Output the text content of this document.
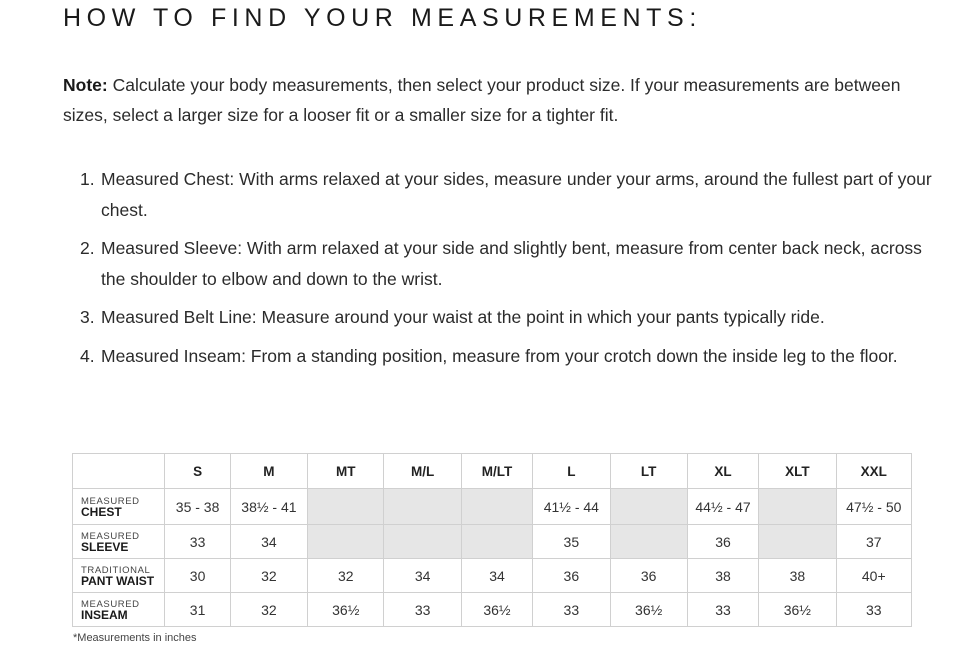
HOW TO FIND YOUR MEASUREMENTS:

Note: Calculate your body measurements, then select your product size. If your measurements are between sizes, select a larger size for a looser fit or a smaller size for a tighter fit.

1. Measured Chest: With arms relaxed at your sides, measure under your arms, around the fullest part of your chest.
2. Measured Sleeve: With arm relaxed at your side and slightly bent, measure from center back neck, across the shoulder to elbow and down to the wrist.
3. Measured Belt Line: Measure around your waist at the point in which your pants typically ride.
4. Measured Inseam: From a standing position, measure from your crotch down the inside leg to the floor.
	S	M	MT	M/L	M/LT	L	LT	XL	XLT	XXL

MEASURED
CHEST	35 - 38	38½ - 41				41½ - 44		44½ - 47		47½ - 50

MEASURED
SLEEVE	33	34				35		36		37

TRADITIONAL
PANT WAIST	30	32	32	34	34	36	36	38	38	40+

MEASURED
INSEAM	31	32	36½	33	36½	33	36½	33	36½	33
*Measurements in inches
